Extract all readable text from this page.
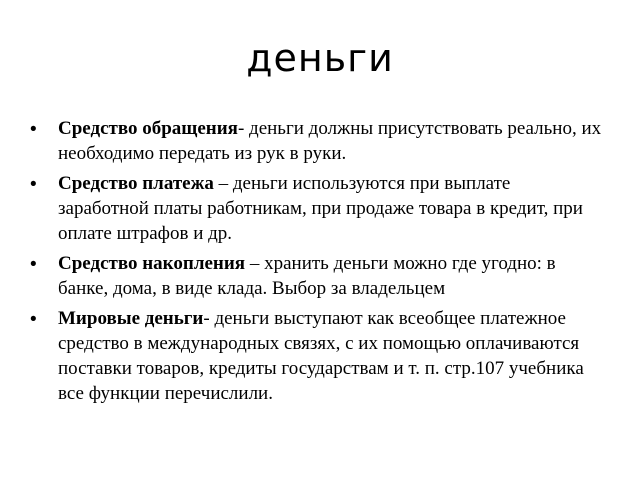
деньги
• Средство обращения- деньги должны присутствовать реально, их необходимо передать из рук в руки.
• Средство платежа – деньги используются при выплате заработной платы работникам, при продаже товара в кредит, при оплате штрафов и др.
• Средство накопления – хранить деньги можно где угодно: в банке, дома, в виде клада. Выбор за владельцем
• Мировые деньги- деньги выступают как всеобщее платежное средство в международных связях, с их помощью оплачиваются поставки товаров, кредиты государствам и т. п. стр.107 учебника все функции перечислили.
